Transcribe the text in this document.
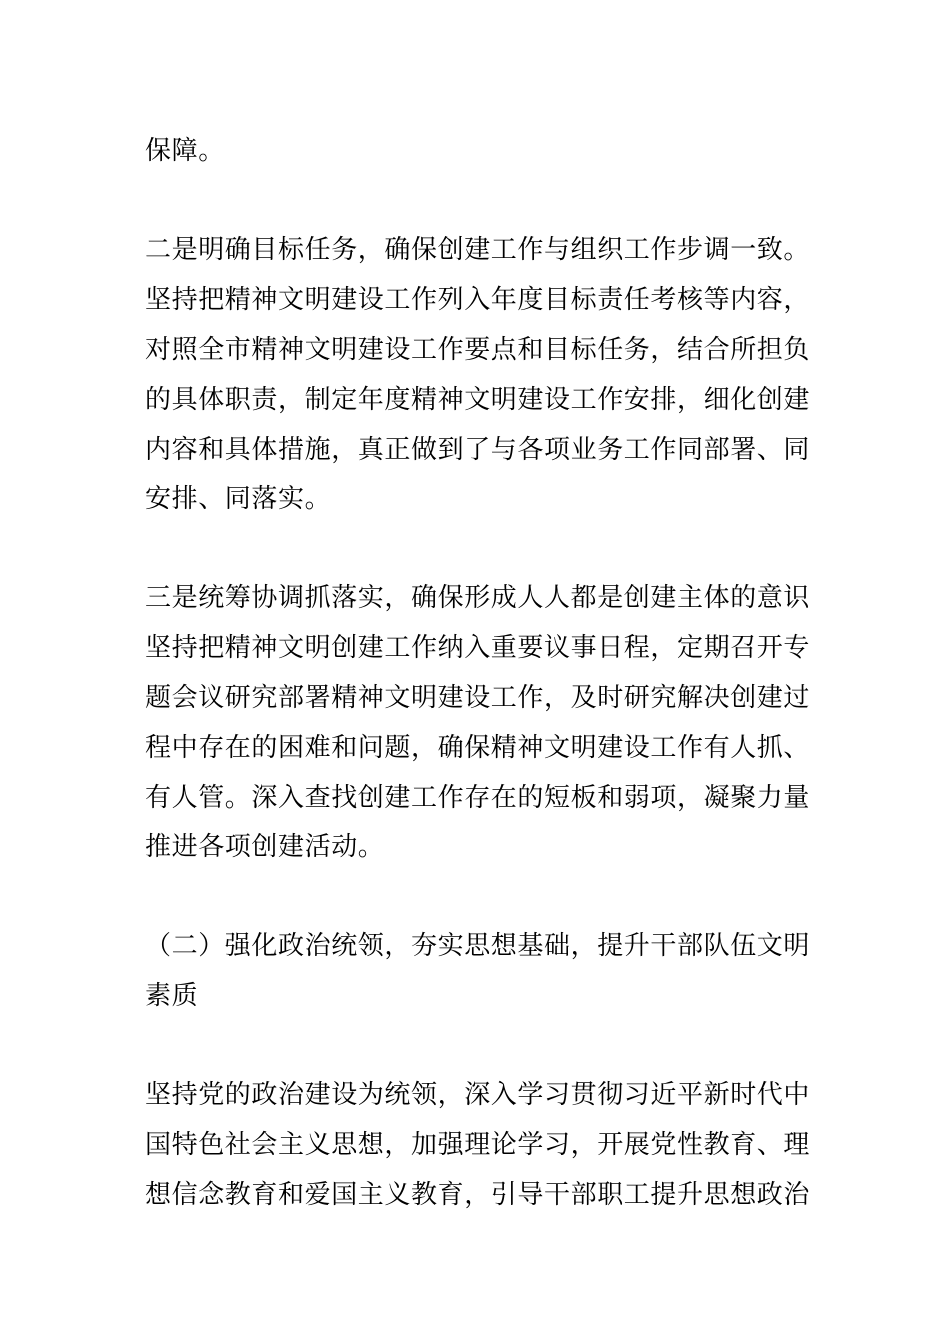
保障。
二是明确目标任务，确保创建工作与组织工作步调一致。
坚持把精神文明建设工作列入年度目标责任考核等内容，
对照全市精神文明建设工作要点和目标任务，结合所担负
的具体职责，制定年度精神文明建设工作安排，细化创建
内容和具体措施，真正做到了与各项业务工作同部署、同
安排、同落实。
三是统筹协调抓落实，确保形成人人都是创建主体的意识
坚持把精神文明创建工作纳入重要议事日程，定期召开专
题会议研究部署精神文明建设工作，及时研究解决创建过
程中存在的困难和问题，确保精神文明建设工作有人抓、
有人管。深入查找创建工作存在的短板和弱项，凝聚力量
推进各项创建活动。
（二）强化政治统领，夯实思想基础，提升干部队伍文明
素质
坚持党的政治建设为统领，深入学习贯彻习近平新时代中
国特色社会主义思想，加强理论学习，开展党性教育、理
想信念教育和爱国主义教育，引导干部职工提升思想政治
